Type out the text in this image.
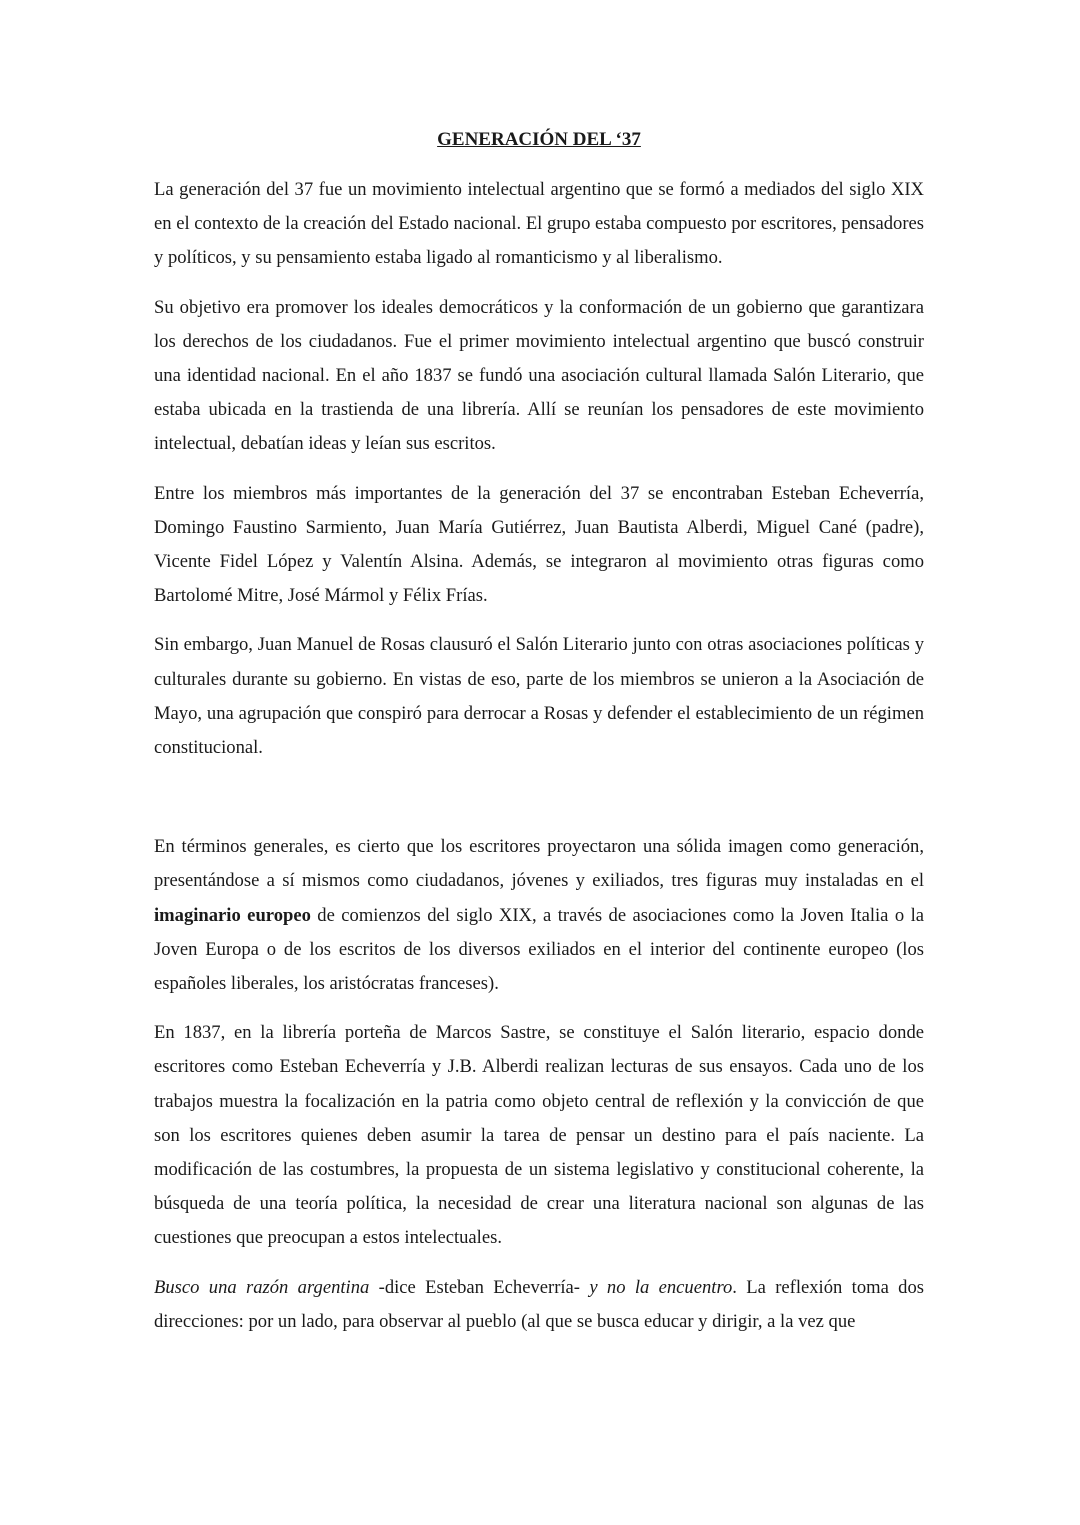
GENERACIÓN DEL ‘37

La generación del 37 fue un movimiento intelectual argentino que se formó a mediados del siglo XIX en el contexto de la creación del Estado nacional. El grupo estaba compuesto por escritores, pensadores y políticos, y su pensamiento estaba ligado al romanticismo y al liberalismo.

Su objetivo era promover los ideales democráticos y la conformación de un gobierno que garantizara los derechos de los ciudadanos. Fue el primer movimiento intelectual argentino que buscó construir una identidad nacional. En el año 1837 se fundó una asociación cultural llamada Salón Literario, que estaba ubicada en la trastienda de una librería. Allí se reunían los pensadores de este movimiento intelectual, debatían ideas y leían sus escritos.

Entre los miembros más importantes de la generación del 37 se encontraban Esteban Echeverría, Domingo Faustino Sarmiento, Juan María Gutiérrez, Juan Bautista Alberdi, Miguel Cané (padre), Vicente Fidel López y Valentín Alsina. Además, se integraron al movimiento otras figuras como Bartolomé Mitre, José Mármol y Félix Frías.

Sin embargo, Juan Manuel de Rosas clausuró el Salón Literario junto con otras asociaciones políticas y culturales durante su gobierno. En vistas de eso, parte de los miembros se unieron a la Asociación de Mayo, una agrupación que conspiró para derrocar a Rosas y defender el establecimiento de un régimen constitucional.

En términos generales, es cierto que los escritores proyectaron una sólida imagen como generación, presentándose a sí mismos como ciudadanos, jóvenes y exiliados, tres figuras muy instaladas en el imaginario europeo de comienzos del siglo XIX, a través de asociaciones como la Joven Italia o la Joven Europa o de los escritos de los diversos exiliados en el interior del continente europeo (los españoles liberales, los aristócratas franceses).

En 1837, en la librería porteña de Marcos Sastre, se constituye el Salón literario, espacio donde escritores como Esteban Echeverría y J.B. Alberdi realizan lecturas de sus ensayos. Cada uno de los trabajos muestra la focalización en la patria como objeto central de reflexión y la convicción de que son los escritores quienes deben asumir la tarea de pensar un destino para el país naciente. La modificación de las costumbres, la propuesta de un sistema legislativo y constitucional coherente, la búsqueda de una teoría política, la necesidad de crear una literatura nacional son algunas de las cuestiones que preocupan a estos intelectuales.

Busco una razón argentina -dice Esteban Echeverría- y no la encuentro. La reflexión toma dos direcciones: por un lado, para observar al pueblo (al que se busca educar y dirigir, a la vez que
